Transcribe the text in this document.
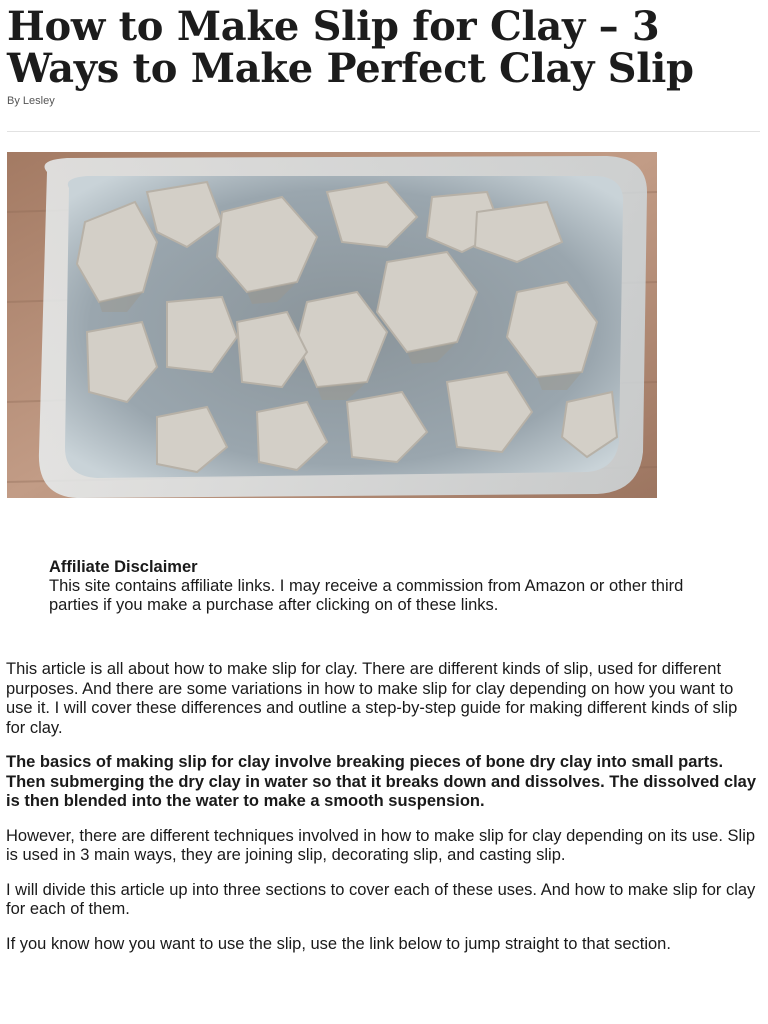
How to Make Slip for Clay – 3 Ways to Make Perfect Clay Slip
By Lesley
Affiliate Disclaimer
This site contains affiliate links. I may receive a commission from Amazon or other third parties if you make a purchase after clicking on of these links.

This article is all about how to make slip for clay. There are different kinds of slip, used for different purposes. And there are some variations in how to make slip for clay depending on how you want to use it. I will cover these differences and outline a step-by-step guide for making different kinds of slip for clay.

The basics of making slip for clay involve breaking pieces of bone dry clay into small parts. Then submerging the dry clay in water so that it breaks down and dissolves. The dissolved clay is then blended into the water to make a smooth suspension.

However, there are different techniques involved in how to make slip for clay depending on its use. Slip is used in 3 main ways, they are joining slip, decorating slip, and casting slip.

I will divide this article up into three sections to cover each of these uses. And how to make slip for clay for each of them.

If you know how you want to use the slip, use the link below to jump straight to that section.
